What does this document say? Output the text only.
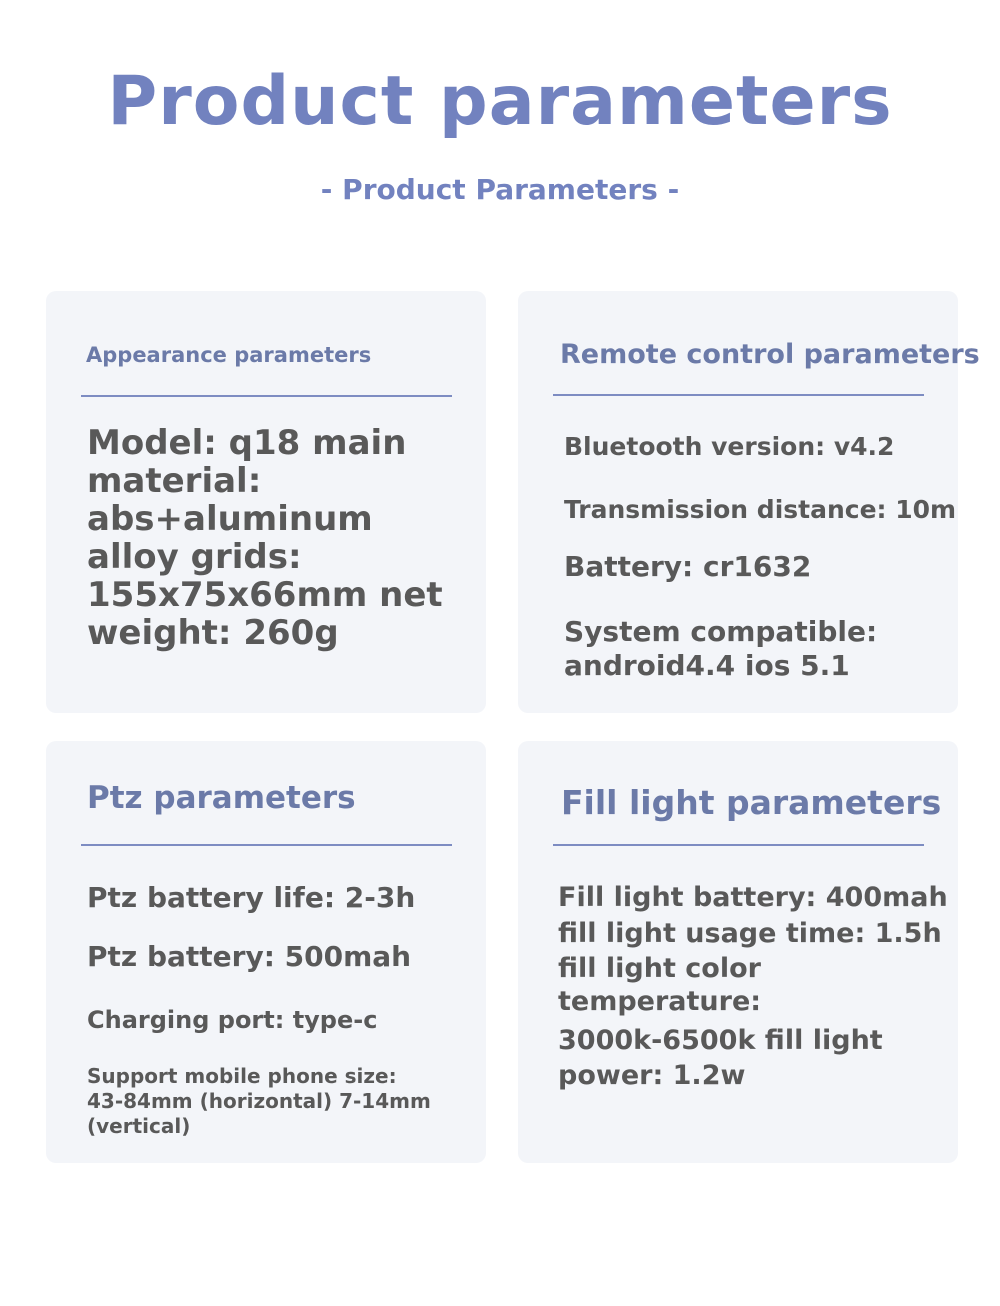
Product parameters
- Product Parameters -
Appearance parameters
Model: q18 main
material:
abs+aluminum
alloy grids:
155x75x66mm net
weight: 260g
Remote control parameters
Bluetooth version: v4.2
Transmission distance: 10m
Battery: cr1632
System compatible:
android4.4 ios 5.1
Ptz parameters
Ptz battery life: 2-3h
Ptz battery: 500mah
Charging port: type-c
Support mobile phone size:
43-84mm (horizontal) 7-14mm
(vertical)
Fill light parameters
Fill light battery: 400mah
fill light usage time: 1.5h
fill light color
temperature:
3000k-6500k fill light
power: 1.2w
